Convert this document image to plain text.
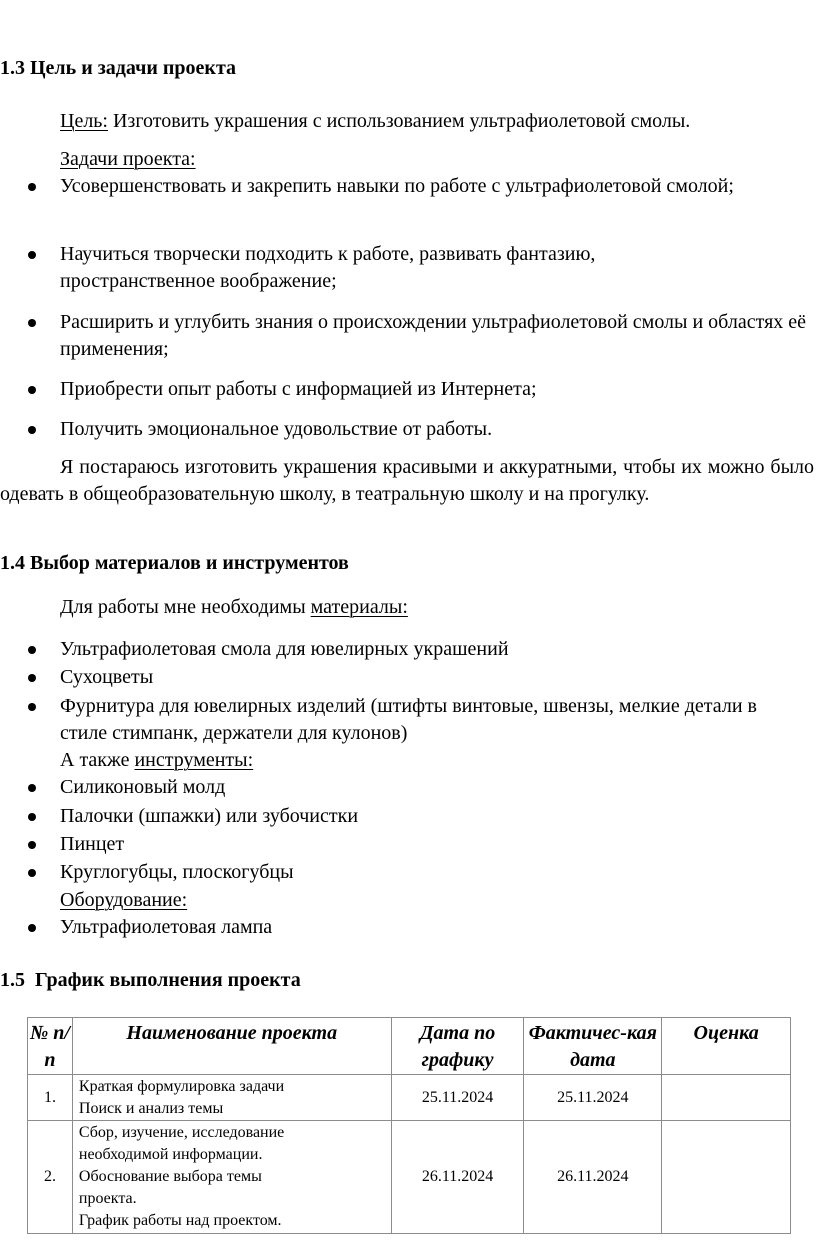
1.3 Цель и задачи проекта
Цель: Изготовить украшения с использованием ультрафиолетовой смолы.
Задачи проекта:
Усовершенствовать и закрепить навыки по работе с ультрафиолетовой смолой;
Научиться творчески подходить к работе, развивать фантазию, пространственное воображение;
Расширить и углубить знания о происхождении ультрафиолетовой смолы и областях её применения;
Приобрести опыт работы с информацией из Интернета;
Получить эмоциональное удовольствие от работы.
Я постараюсь изготовить украшения красивыми и аккуратными, чтобы их можно было одевать в общеобразовательную школу, в театральную школу и на прогулку.
1.4 Выбор материалов и инструментов
Для работы мне необходимы материалы:
Ультрафиолетовая смола для ювелирных украшений
Сухоцветы
Фурнитура для ювелирных изделий (штифты винтовые, швензы, мелкие детали в стиле стимпанк, держатели для кулонов)
А также инструменты:
Силиконовый молд
Палочки (шпажки) или зубочистки
Пинцет
Круглогубцы, плоскогубцы
Оборудование:
Ультрафиолетовая лампа
1.5  График выполнения проекта
№ п/п	Наименование проекта	Дата по графику	Фактичес-кая дата	Оценка
1.	Краткая формулировка задачи
Поиск и анализ темы	25.11.2024	25.11.2024	
2.	Сбор, изучение, исследование необходимой информации.
Обоснование выбора темы проекта.
График работы над проектом.	26.11.2024	26.11.2024	
